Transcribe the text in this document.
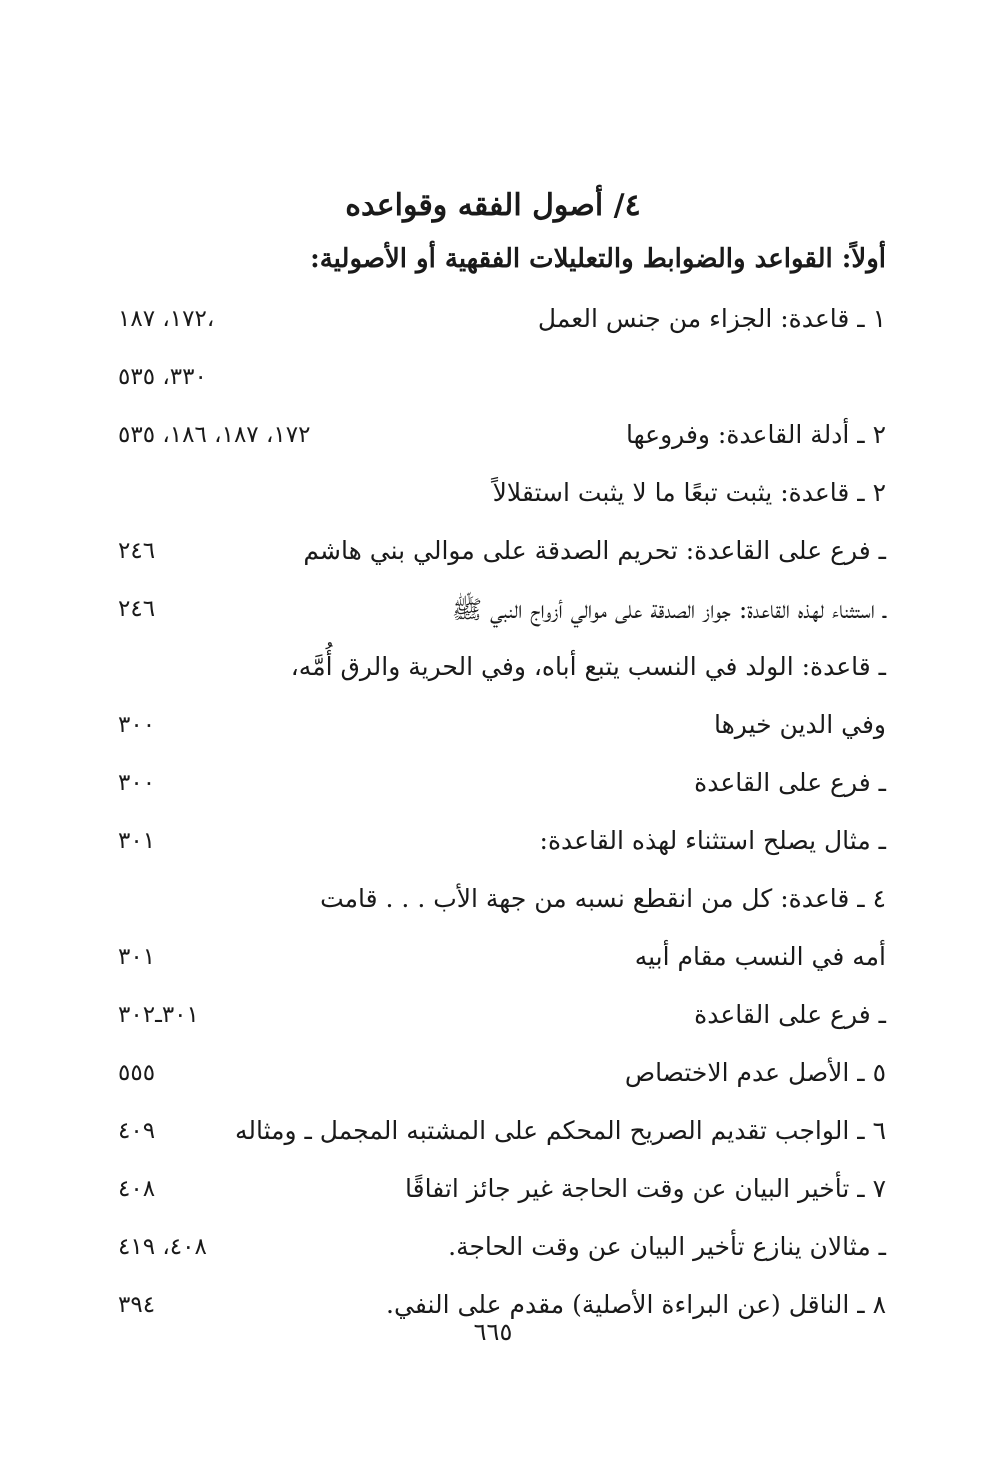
٤/ أصول الفقه وقواعده
أولاً: القواعد والضوابط والتعليلات الفقهية أو الأصولية:
١ ـ قاعدة: الجزاء من جنس العمل
١٧٢، ١٨٧،
٣٣٠، ٥٣٥
٢ ـ أدلة القاعدة: وفروعها
١٧٢، ١٨٧، ١٨٦، ٥٣٥
٢ ـ قاعدة: يثبت تبعًا ما لا يثبت استقلالاً
ـ فرع على القاعدة: تحريم الصدقة على موالي بني هاشم
٢٤٦
ـ استثناء لهذه القاعدة: جواز الصدقة على موالي أزواج النبي ﷺ
٢٤٦
ـ قاعدة: الولد في النسب يتبع أباه، وفي الحرية والرق أُمَّه،
وفي الدين خيرها
٣٠٠
ـ فرع على القاعدة
٣٠٠
ـ مثال يصلح استثناء لهذه القاعدة:
٣٠١
٤ ـ قاعدة: كل من انقطع نسبه من جهة الأب . . . قامت
أمه في النسب مقام أبيه
٣٠١
ـ فرع على القاعدة
٣٠١ـ٣٠٢
٥ ـ الأصل عدم الاختصاص
٥٥٥
٦ ـ الواجب تقديم الصريح المحكم على المشتبه المجمل ـ ومثاله
٤٠٩
٧ ـ تأخير البيان عن وقت الحاجة غير جائز اتفاقًا
٤٠٨
ـ مثالان ينازع تأخير البيان عن وقت الحاجة.
٤٠٨، ٤١٩
٨ ـ الناقل (عن البراءة الأصلية) مقدم على النفي.
٣٩٤
٦٦٥
